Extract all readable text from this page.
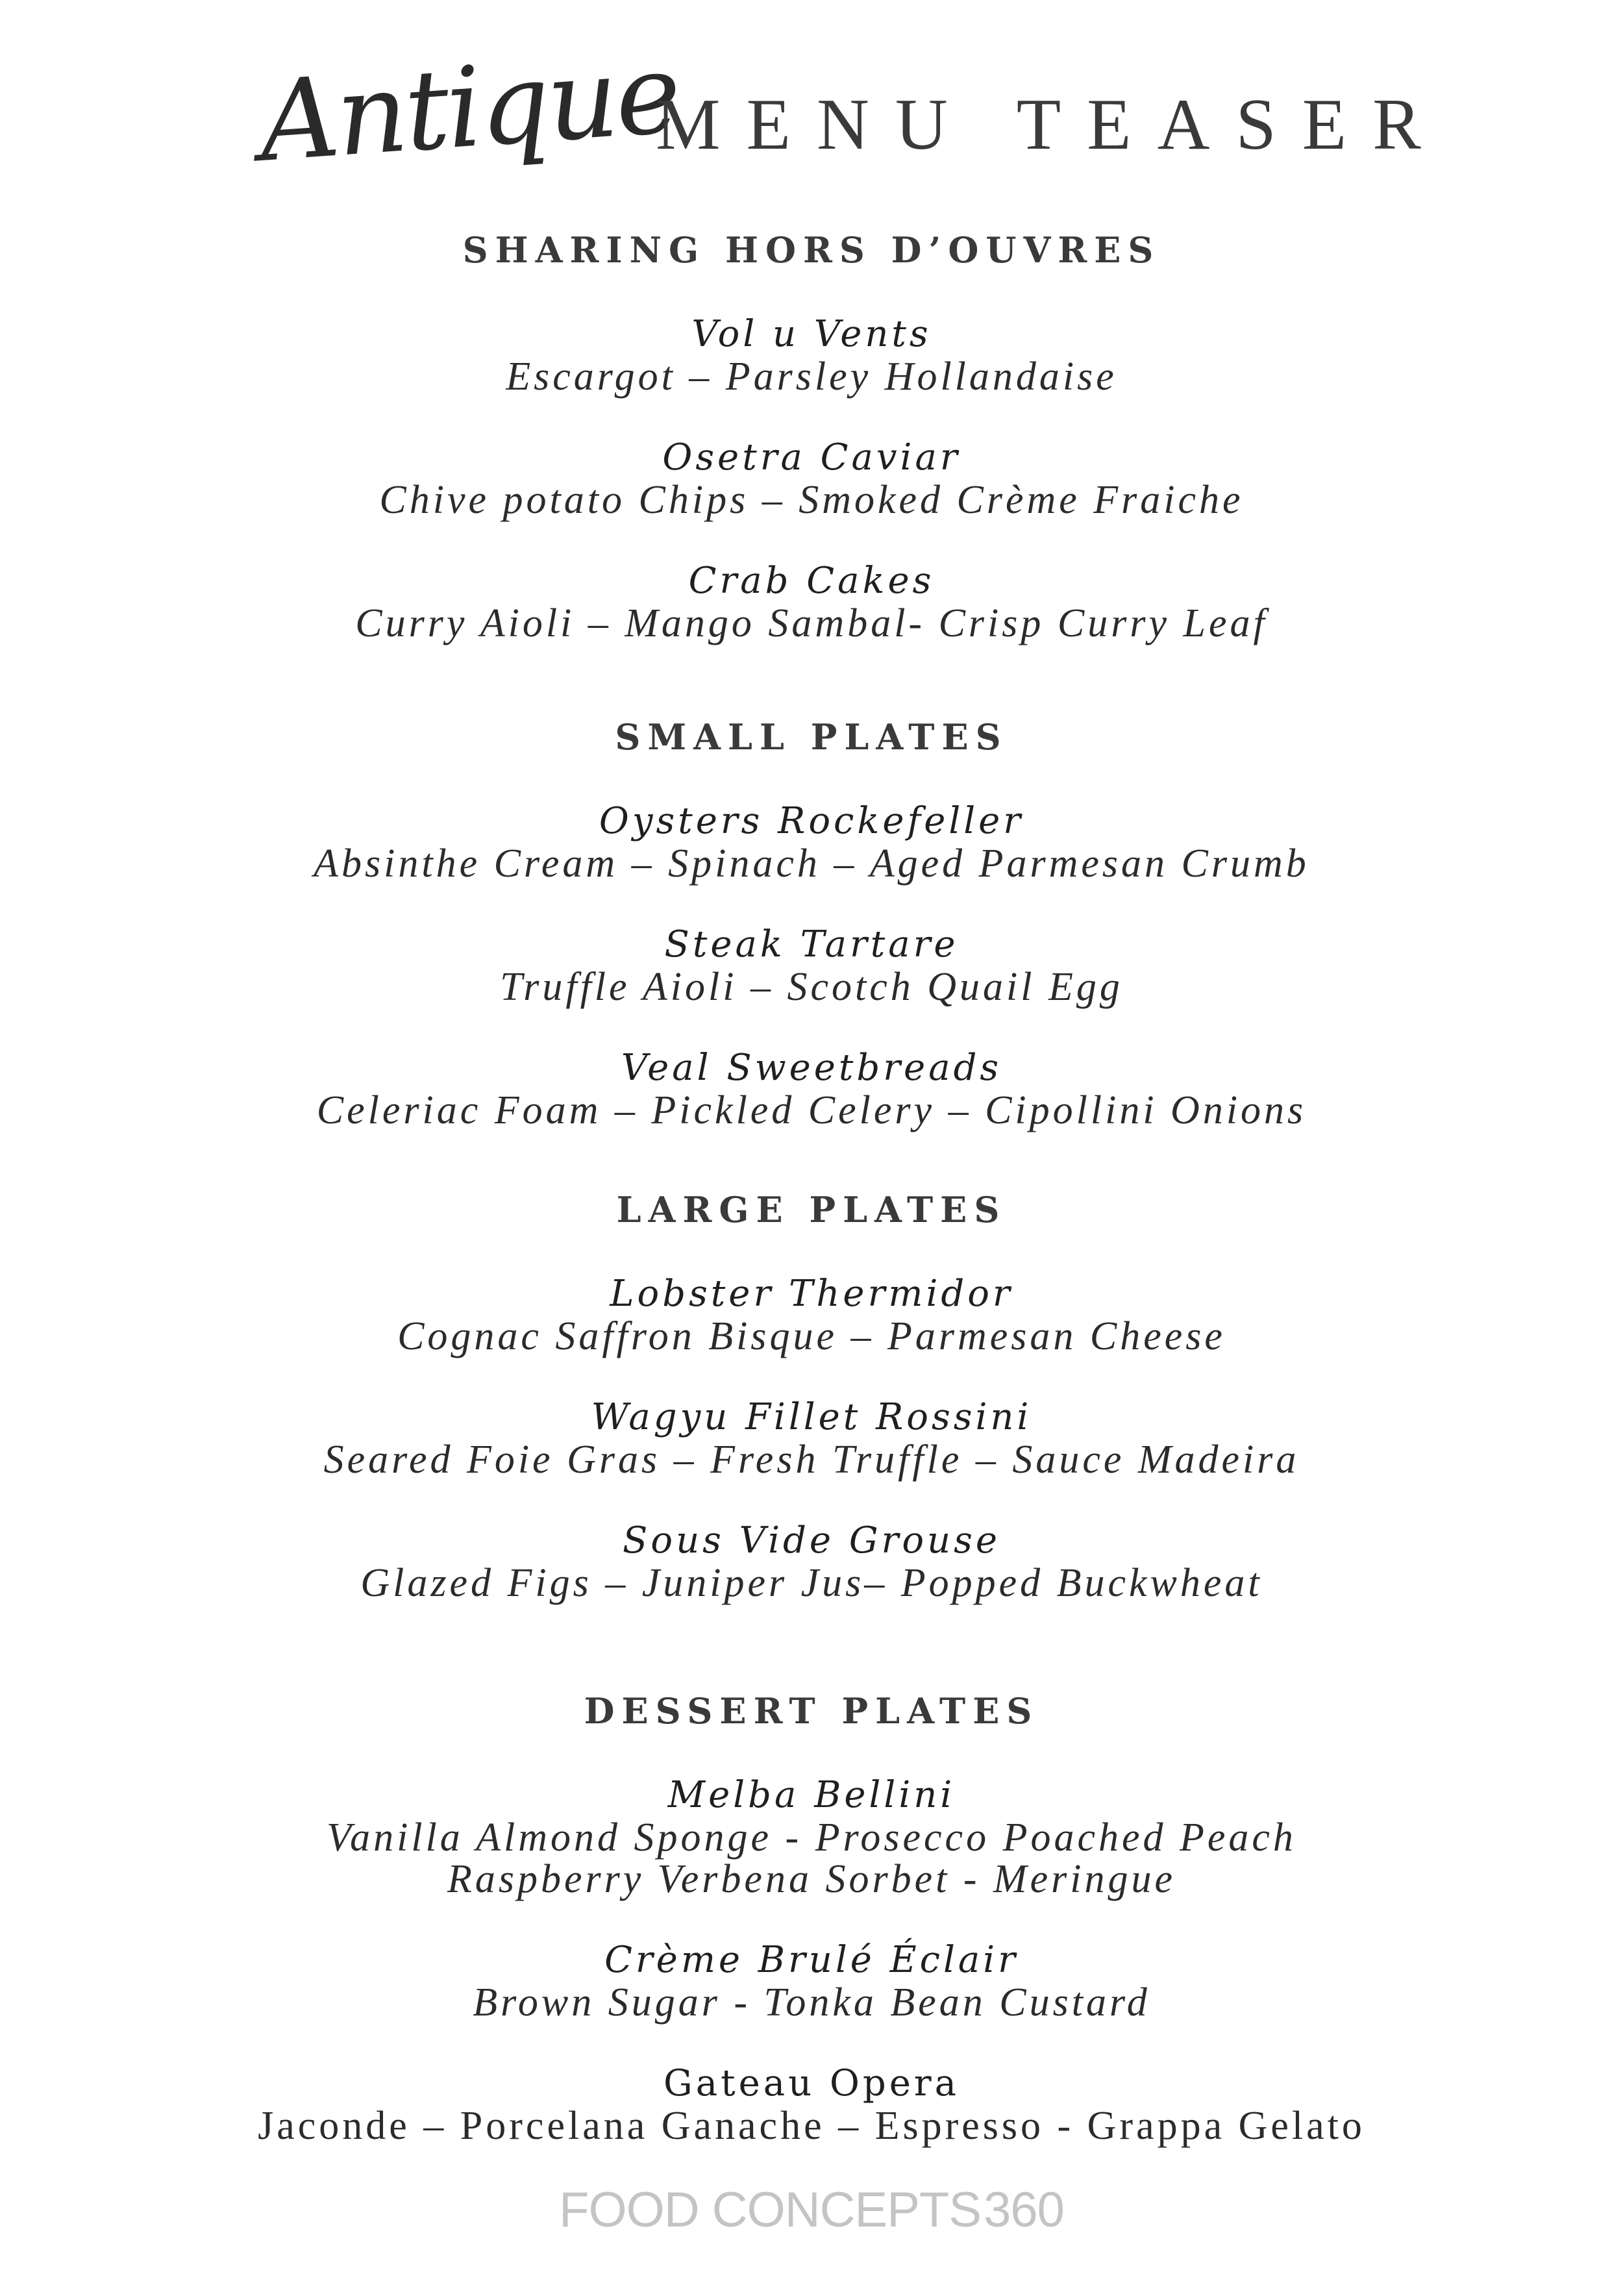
Antique
MENU TEASER
SHARING HORS D’OUVRES
Vol u Vents
Escargot – Parsley Hollandaise
Osetra Caviar
Chive potato Chips – Smoked Crème Fraiche
Crab Cakes
Curry Aioli – Mango Sambal- Crisp Curry Leaf
SMALL PLATES
Oysters Rockefeller
Absinthe Cream – Spinach – Aged Parmesan Crumb
Steak Tartare
Truffle Aioli – Scotch Quail Egg
Veal Sweetbreads
Celeriac Foam – Pickled Celery – Cipollini Onions
LARGE PLATES
Lobster Thermidor
Cognac Saffron Bisque – Parmesan Cheese
Wagyu Fillet Rossini
Seared Foie Gras – Fresh Truffle – Sauce Madeira
Sous Vide Grouse
Glazed Figs – Juniper Jus– Popped Buckwheat
DESSERT PLATES
Melba Bellini
Vanilla Almond Sponge - Prosecco Poached Peach
Raspberry Verbena Sorbet - Meringue
Crème Brulé Éclair
Brown Sugar - Tonka Bean Custard
Gateau Opera
Jaconde – Porcelana Ganache – Espresso - Grappa Gelato
FOOD CONCEPTS360
